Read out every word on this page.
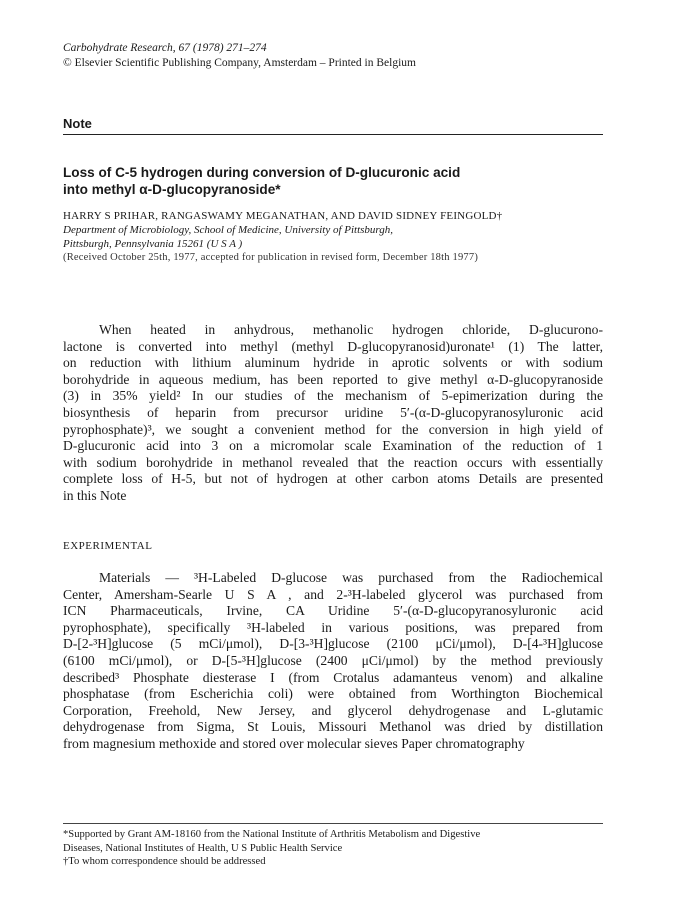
Carbohydrate Research, 67 (1978) 271–274
© Elsevier Scientific Publishing Company, Amsterdam – Printed in Belgium
Note
Loss of C-5 hydrogen during conversion of D-glucuronic acid
into methyl α-D-glucopyranoside*
HARRY S PRIHAR, RANGASWAMY MEGANATHAN, AND DAVID SIDNEY FEINGOLD†
Department of Microbiology, School of Medicine, University of Pittsburgh,
Pittsburgh, Pennsylvania 15261 (U S A )
(Received October 25th, 1977, accepted for publication in revised form, December 18th 1977)
When heated in anhydrous, methanolic hydrogen chloride, D-glucurono-
lactone is converted into methyl (methyl D-glucopyranosid)uronate¹ (1) The latter,
on reduction with lithium aluminum hydride in aprotic solvents or with sodium
borohydride in aqueous medium, has been reported to give methyl α-D-glucopyranoside
(3) in 35% yield² In our studies of the mechanism of 5-epimerization during the
biosynthesis of heparin from precursor uridine 5′-(α-D-glucopyranosyluronic acid
pyrophosphate)³, we sought a convenient method for the conversion in high yield of
D-glucuronic acid into 3 on a micromolar scale Examination of the reduction of 1
with sodium borohydride in methanol revealed that the reaction occurs with essentially
complete loss of H-5, but not of hydrogen at other carbon atoms Details are presented
in this Note
EXPERIMENTAL
Materials — ³H-Labeled D-glucose was purchased from the Radiochemical
Center, Amersham-Searle U S A , and 2-³H-labeled glycerol was purchased from
ICN Pharmaceuticals, Irvine, CA Uridine 5′-(α-D-glucopyranosyluronic acid
pyrophosphate), specifically ³H-labeled in various positions, was prepared from
D-[2-³H]glucose (5 mCi/μmol), D-[3-³H]glucose (2100 μCi/μmol), D-[4-³H]glucose
(6100 mCi/μmol), or D-[5-³H]glucose (2400 μCi/μmol) by the method previously
described³ Phosphate diesterase I (from Crotalus adamanteus venom) and alkaline
phosphatase (from Escherichia coli) were obtained from Worthington Biochemical
Corporation, Freehold, New Jersey, and glycerol dehydrogenase and L-glutamic
dehydrogenase from Sigma, St Louis, Missouri Methanol was dried by distillation
from magnesium methoxide and stored over molecular sieves Paper chromatography
*Supported by Grant AM-18160 from the National Institute of Arthritis Metabolism and Digestive
Diseases, National Institutes of Health, U S Public Health Service
†To whom correspondence should be addressed
